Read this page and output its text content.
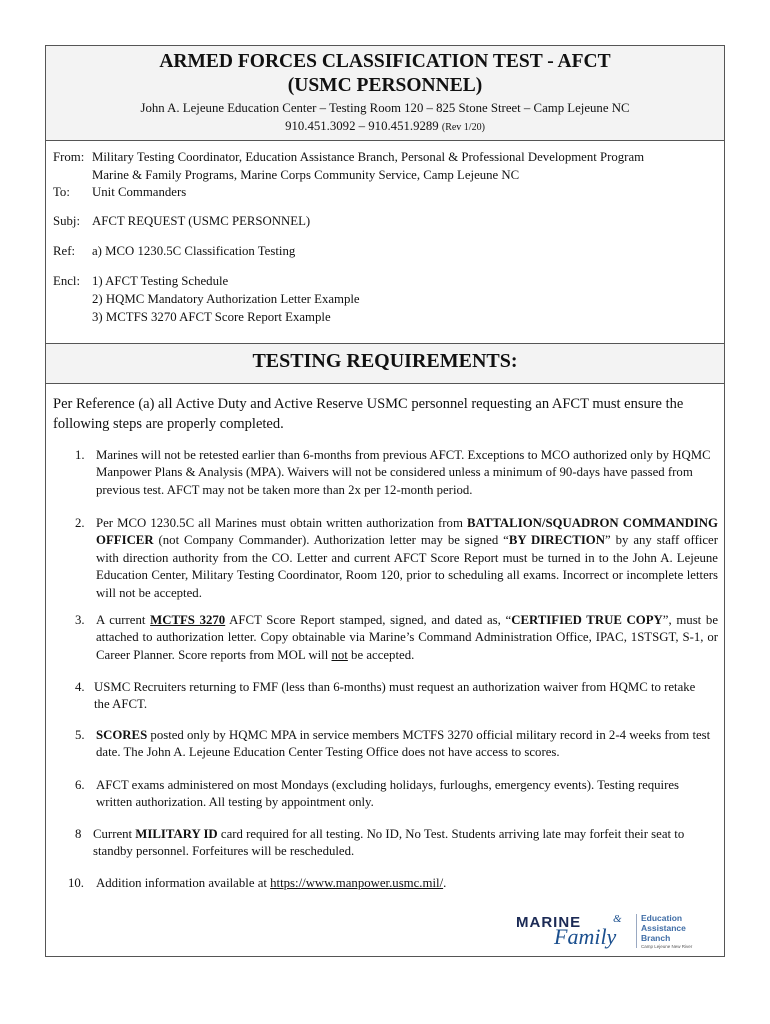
ARMED FORCES CLASSIFICATION TEST - AFCT
(USMC PERSONNEL)
John A. Lejeune Education Center – Testing Room 120 – 825 Stone Street – Camp Lejeune NC
910.451.3092 – 910.451.9289 (Rev 1/20)
From: Military Testing Coordinator, Education Assistance Branch, Personal & Professional Development Program
Marine & Family Programs, Marine Corps Community Service, Camp Lejeune NC
To: Unit Commanders
Subj: AFCT REQUEST (USMC PERSONNEL)
Ref: a) MCO 1230.5C Classification Testing
Encl: 1) AFCT Testing Schedule
2) HQMC Mandatory Authorization Letter Example
3) MCTFS 3270 AFCT Score Report Example
TESTING REQUIREMENTS:
Per Reference (a) all Active Duty and Active Reserve USMC personnel requesting an AFCT must ensure the following steps are properly completed.
1. Marines will not be retested earlier than 6-months from previous AFCT. Exceptions to MCO authorized only by HQMC Manpower Plans & Analysis (MPA). Waivers will not be considered unless a minimum of 90-days have passed from previous test. AFCT may not be taken more than 2x per 12-month period.
2. Per MCO 1230.5C all Marines must obtain written authorization from BATTALION/SQUADRON COMMANDING OFFICER (not Company Commander). Authorization letter may be signed “BY DIRECTION” by any staff officer with direction authority from the CO. Letter and current AFCT Score Report must be turned in to the John A. Lejeune Education Center, Military Testing Coordinator, Room 120, prior to scheduling all exams. Incorrect or incomplete letters will not be accepted.
3. A current MCTFS 3270 AFCT Score Report stamped, signed, and dated as, “CERTIFIED TRUE COPY”, must be attached to authorization letter. Copy obtainable via Marine’s Command Administration Office, IPAC, 1STSGT, S-1, or Career Planner. Score reports from MOL will not be accepted.
4. USMC Recruiters returning to FMF (less than 6-months) must request an authorization waiver from HQMC to retake the AFCT.
5. SCORES posted only by HQMC MPA in service members MCTFS 3270 official military record in 2-4 weeks from test date. The John A. Lejeune Education Center Testing Office does not have access to scores.
6. AFCT exams administered on most Mondays (excluding holidays, furloughs, emergency events). Testing requires written authorization. All testing by appointment only.
8 Current MILITARY ID card required for all testing. No ID, No Test. Students arriving late may forfeit their seat to standby personnel. Forfeitures will be rescheduled.
10. Addition information available at https://www.manpower.usmc.mil/.
MARINE	&
Family
Education
Assistance
Branch
Camp Lejeune New River
